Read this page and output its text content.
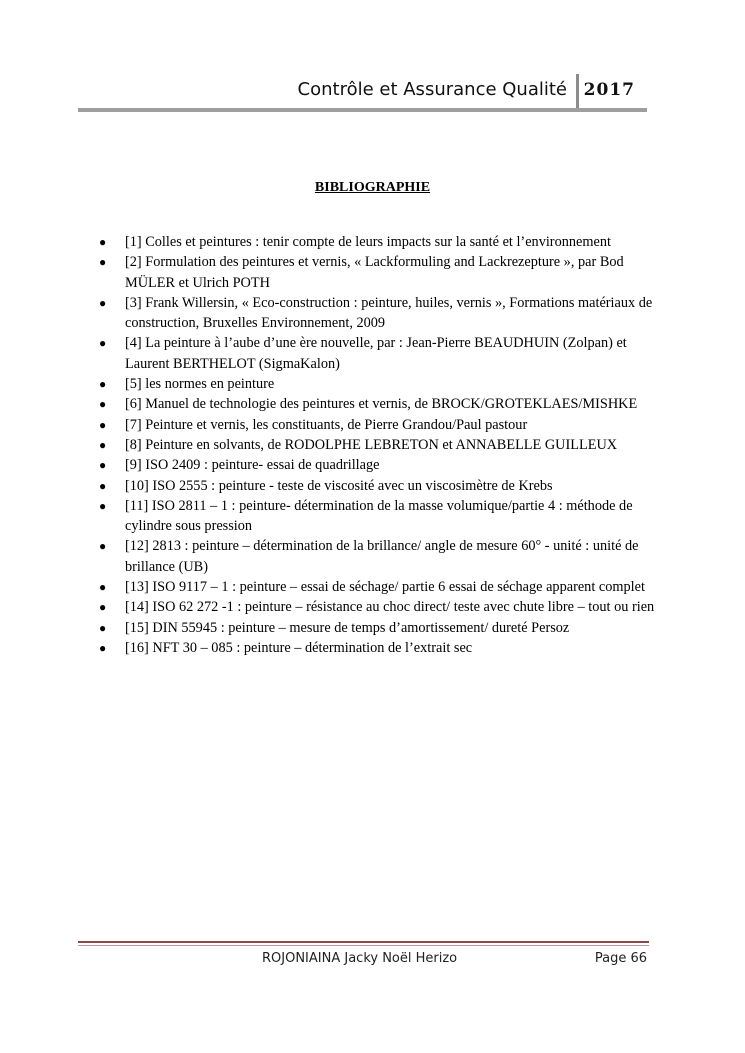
Contrôle et Assurance Qualité 2017
BIBLIOGRAPHIE
● [1] Colles et peintures : tenir compte de leurs impacts sur la santé et l’environnement
● [2] Formulation des peintures et vernis, « Lackformuling and Lackrezepture », par Bod MÜLER et Ulrich POTH
● [3] Frank Willersin, « Eco-construction : peinture, huiles, vernis », Formations matériaux de construction, Bruxelles Environnement, 2009
● [4] La peinture à l’aube d’une ère nouvelle, par : Jean-Pierre BEAUDHUIN (Zolpan) et Laurent BERTHELOT (SigmaKalon)
● [5] les normes en peinture
● [6] Manuel de technologie des peintures et vernis, de BROCK/GROTEKLAES/MISHKE
● [7] Peinture et vernis, les constituants, de Pierre Grandou/Paul pastour
● [8] Peinture en solvants, de RODOLPHE LEBRETON et ANNABELLE GUILLEUX
● [9] ISO 2409 : peinture- essai de quadrillage
● [10] ISO 2555 : peinture - teste de viscosité avec un viscosimètre de Krebs
● [11] ISO 2811 – 1 : peinture- détermination de la masse volumique/partie 4 : méthode de cylindre sous pression
● [12] 2813 : peinture – détermination de la brillance/ angle de mesure 60° - unité : unité de brillance (UB)
● [13] ISO 9117 – 1 : peinture – essai de séchage/ partie 6 essai de séchage apparent complet
● [14] ISO 62 272 -1 : peinture – résistance au choc direct/ teste avec chute libre – tout ou rien
● [15] DIN 55945 : peinture – mesure de temps d’amortissement/ dureté Persoz
● [16] NFT 30 – 085 : peinture – détermination de l’extrait sec
ROJONIAINA Jacky Noël Herizo	Page 66
